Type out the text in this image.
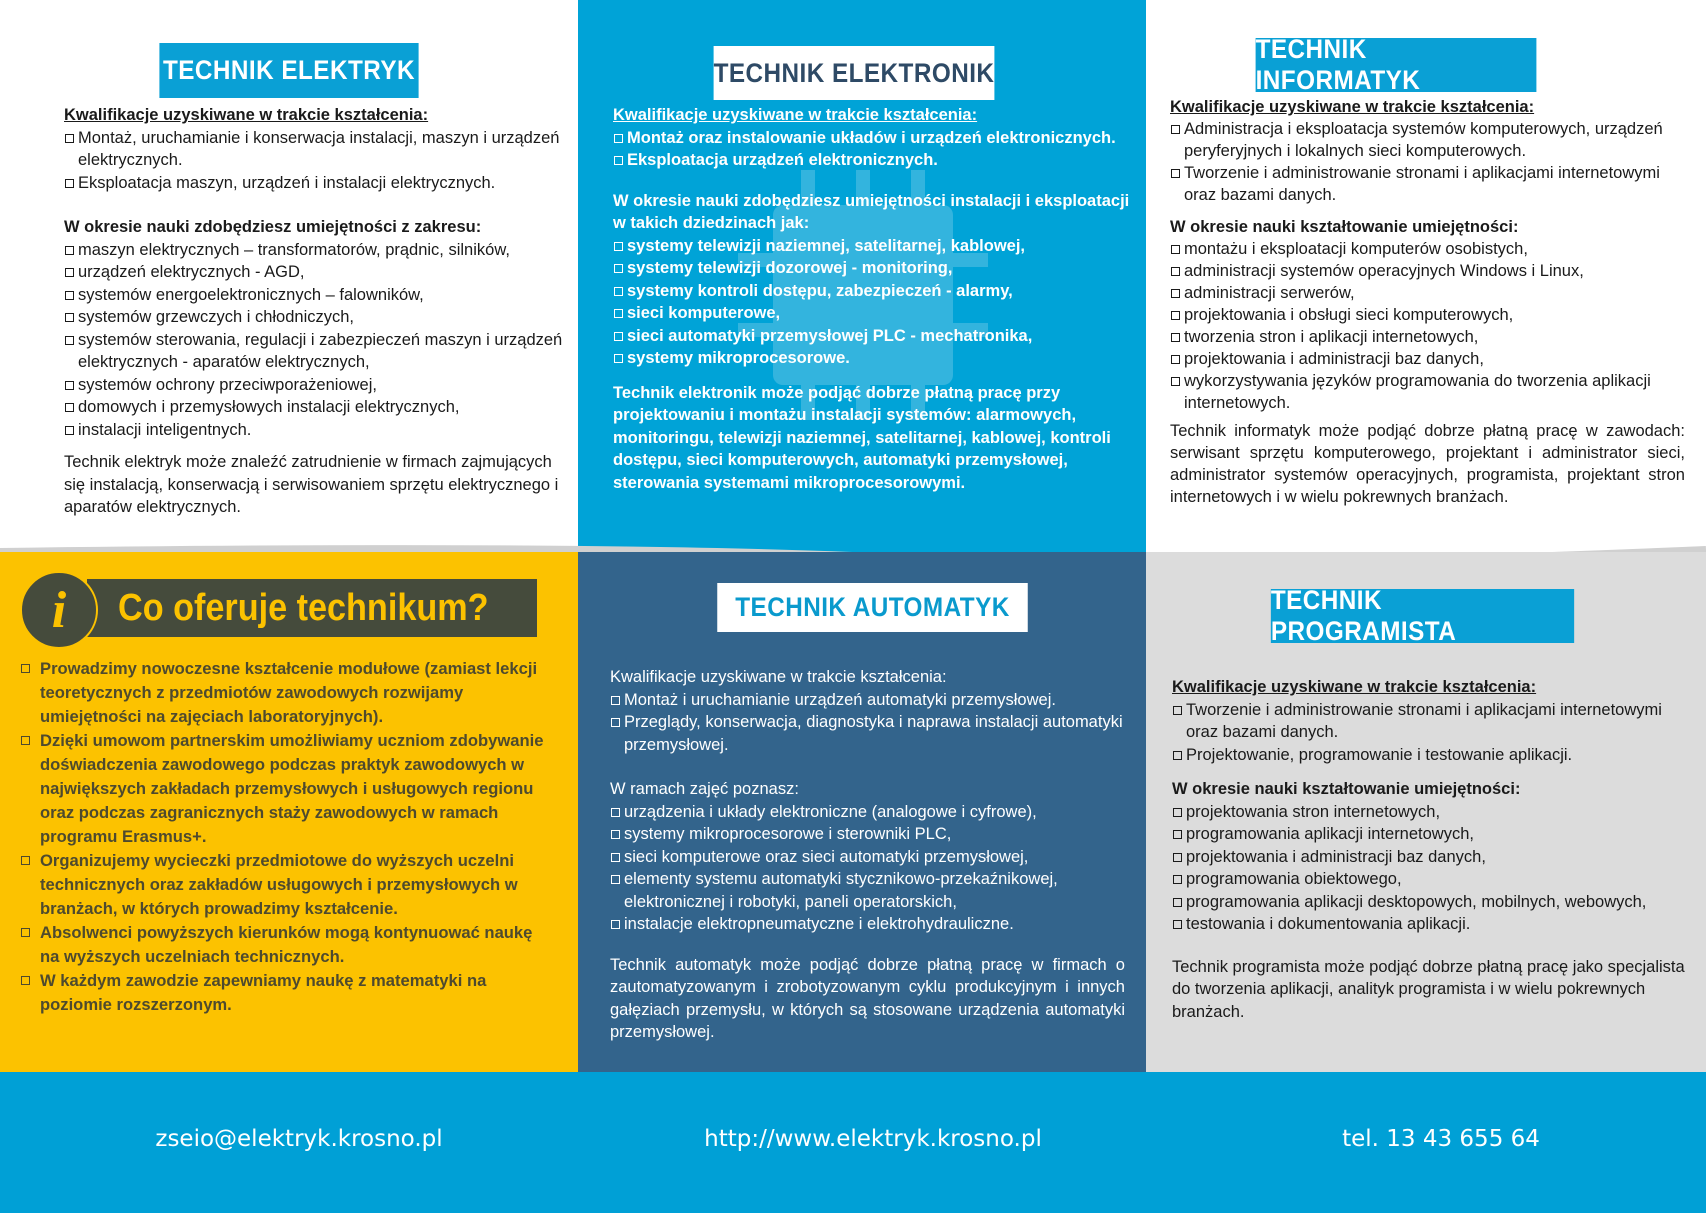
TECHNIK ELEKTRYK
Kwalifikacje uzyskiwane w trakcie kształcenia:
Montaż, uruchamianie i konserwacja instalacji, maszyn i urządzeń elektrycznych.
Eksploatacja maszyn, urządzeń i instalacji elektrycznych.
W okresie nauki zdobędziesz umiejętności z zakresu:
maszyn elektrycznych – transformatorów, prądnic, silników,
urządzeń elektrycznych - AGD,
systemów energoelektronicznych – falowników,
systemów grzewczych i chłodniczych,
systemów sterowania, regulacji i zabezpieczeń maszyn i urządzeń elektrycznych - aparatów elektrycznych,
systemów ochrony przeciwporażeniowej,
domowych i przemysłowych instalacji elektrycznych,
instalacji inteligentnych.

Technik elektryk może znaleźć zatrudnienie w firmach zajmujących się instalacją, konserwacją i serwisowaniem sprzętu elektrycznego i aparatów elektrycznych.

TECHNIK ELEKTRONIK
Kwalifikacje uzyskiwane w trakcie kształcenia:
Montaż oraz instalowanie układów i urządzeń elektronicznych.
Eksploatacja urządzeń elektronicznych.
W okresie nauki zdobędziesz umiejętności instalacji i eksploatacji w takich dziedzinach jak:
systemy telewizji naziemnej, satelitarnej, kablowej,
systemy telewizji dozorowej - monitoring,
systemy kontroli dostępu, zabezpieczeń - alarmy,
sieci komputerowe,
sieci automatyki przemysłowej PLC - mechatronika,
systemy mikroprocesorowe.

Technik elektronik może podjąć dobrze płatną pracę przy projektowaniu i montażu instalacji systemów: alarmowych, monitoringu, telewizji naziemnej, satelitarnej, kablowej, kontroli dostępu, sieci komputerowych, automatyki przemysłowej, sterowania systemami mikroprocesorowymi.

TECHNIK INFORMATYK
Kwalifikacje uzyskiwane w trakcie kształcenia:
Administracja i eksploatacja systemów komputerowych, urządzeń peryferyjnych i lokalnych sieci komputerowych.
Tworzenie i administrowanie stronami i aplikacjami internetowymi oraz bazami danych.
W okresie nauki kształtowanie umiejętności:
montażu i eksploatacji komputerów osobistych,
administracji systemów operacyjnych Windows i Linux,
administracji serwerów,
projektowania i obsługi sieci komputerowych,
tworzenia stron i aplikacji internetowych,
projektowania i administracji baz danych,
wykorzystywania języków programowania do tworzenia aplikacji internetowych.

Technik informatyk może podjąć dobrze płatną pracę w zawodach: serwisant sprzętu komputerowego, projektant i administrator sieci, administrator systemów operacyjnych, programista, projektant stron internetowych i w wielu pokrewnych branżach.

i	Co oferuje technikum?
Prowadzimy nowoczesne kształcenie modułowe (zamiast lekcji teoretycznych z przedmiotów zawodowych rozwijamy umiejętności na zajęciach laboratoryjnych).
Dzięki umowom partnerskim umożliwiamy uczniom zdobywanie doświadczenia zawodowego podczas praktyk zawodowych w największych zakładach przemysłowych i usługowych regionu oraz podczas zagranicznych staży zawodowych w ramach programu Erasmus+.
Organizujemy wycieczki przedmiotowe do wyższych uczelni technicznych oraz zakładów usługowych i przemysłowych w branżach, w których prowadzimy kształcenie.
Absolwenci powyższych kierunków mogą kontynuować naukę na wyższych uczelniach technicznych.
W każdym zawodzie zapewniamy naukę z matematyki na poziomie rozszerzonym.
TECHNIK AUTOMATYK
Kwalifikacje uzyskiwane w trakcie kształcenia:
Montaż i uruchamianie urządzeń automatyki przemysłowej.
Przeglądy, konserwacja, diagnostyka i naprawa instalacji automatyki przemysłowej.
W ramach zajęć poznasz:
urządzenia i układy elektroniczne (analogowe i cyfrowe),
systemy mikroprocesorowe i sterowniki PLC,
sieci komputerowe oraz sieci automatyki przemysłowej,
elementy systemu automatyki stycznikowo-przekaźnikowej, elektronicznej i robotyki, paneli operatorskich,
instalacje elektropneumatyczne i elektrohydrauliczne.

Technik automatyk może podjąć dobrze płatną pracę w firmach o zautomatyzowanym i zrobotyzowanym cyklu produkcyjnym i innych gałęziach przemysłu, w których są stosowane urządzenia automatyki przemysłowej.

TECHNIK PROGRAMISTA
Kwalifikacje uzyskiwane w trakcie kształcenia:
Tworzenie i administrowanie stronami i aplikacjami internetowymi oraz bazami danych.
Projektowanie, programowanie i testowanie aplikacji.
W okresie nauki kształtowanie umiejętności:
projektowania stron internetowych,
programowania aplikacji internetowych,
projektowania i administracji baz danych,
programowania obiektowego,
programowania aplikacji desktopowych, mobilnych, webowych,
testowania i dokumentowania aplikacji.

Technik programista może podjąć dobrze płatną pracę jako specjalista do tworzenia aplikacji, analityk programista i w wielu pokrewnych branżach.

zseio@elektryk.krosno.pl	http://www.elektryk.krosno.pl	tel. 13 43 655 64
